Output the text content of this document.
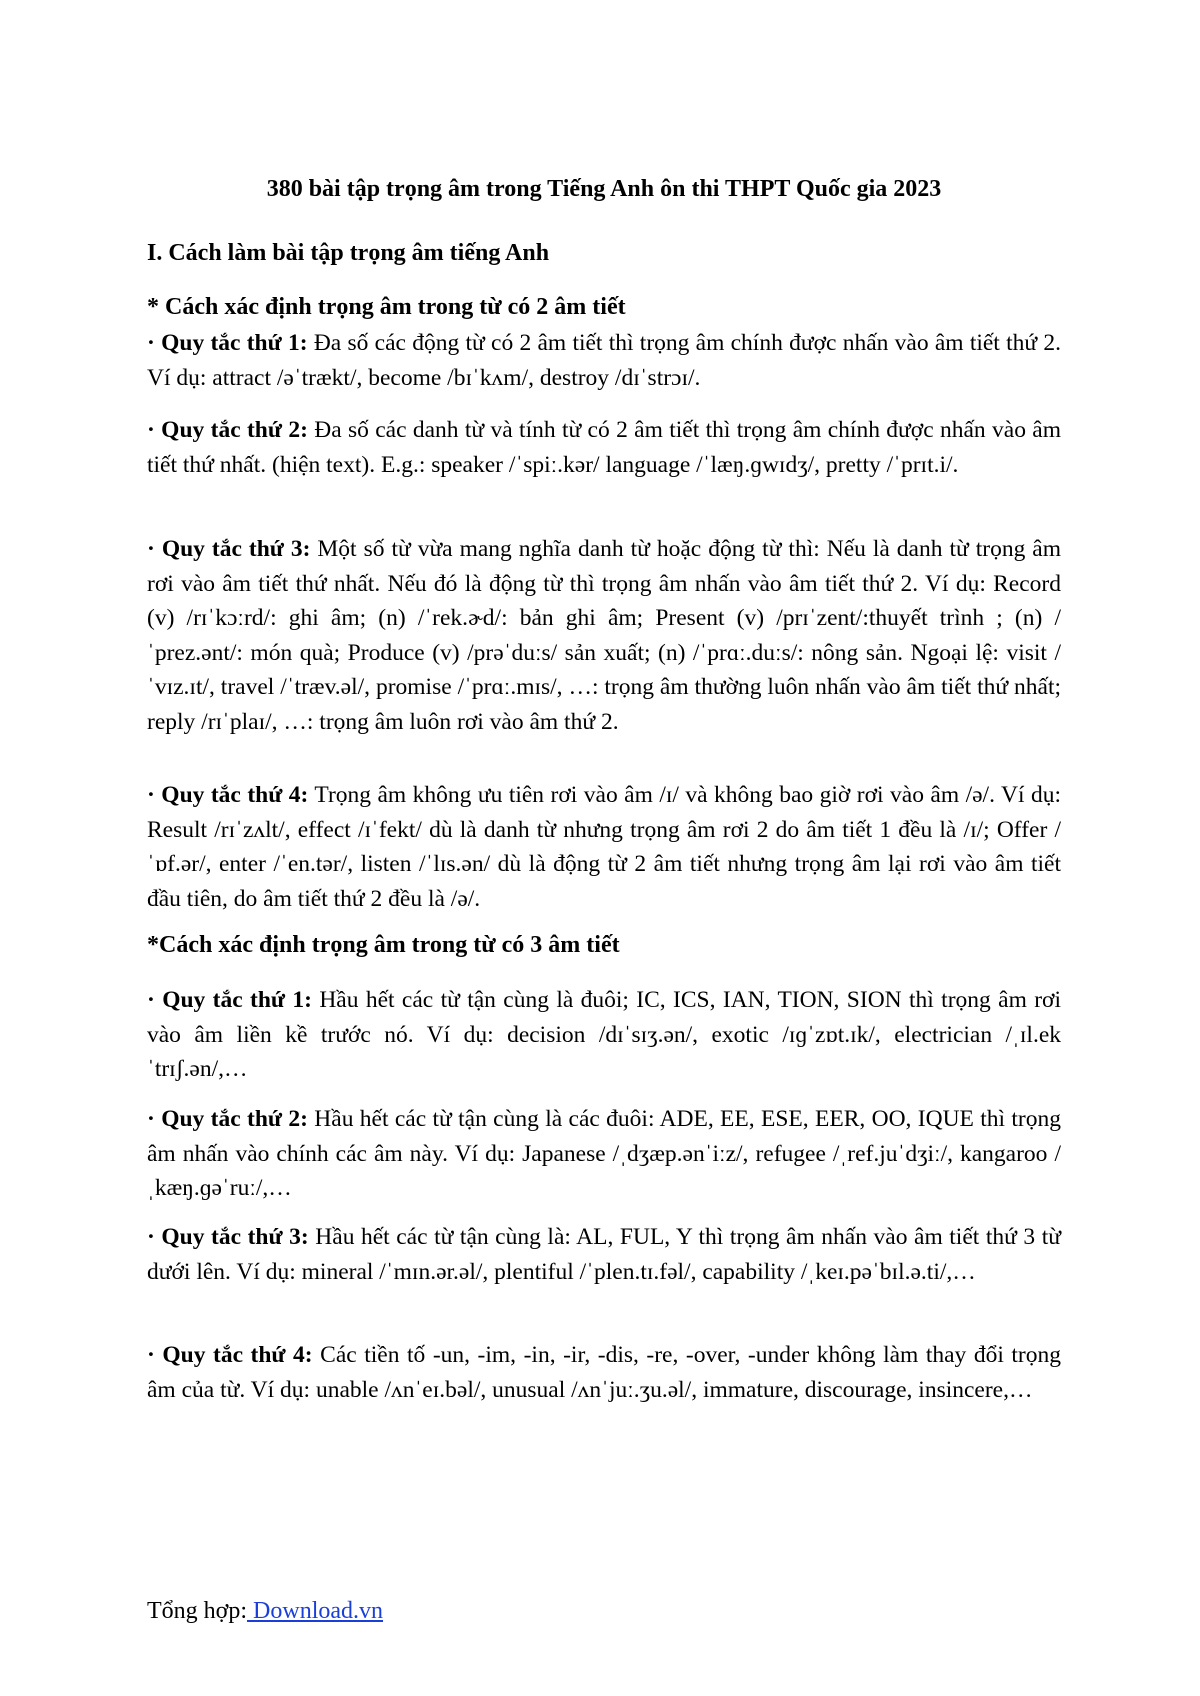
380 bài tập trọng âm trong Tiếng Anh ôn thi THPT Quốc gia 2023
I. Cách làm bài tập trọng âm tiếng Anh
* Cách xác định trọng âm trong từ có 2 âm tiết
· Quy tắc thứ 1: Đa số các động từ có 2 âm tiết thì trọng âm chính được nhấn vào âm tiết thứ 2. Ví dụ: attract /əˈtrækt/, become /bɪˈkʌm/, destroy /dɪˈstrɔɪ/.
· Quy tắc thứ 2: Đa số các danh từ và tính từ có 2 âm tiết thì trọng âm chính được nhấn vào âm tiết thứ nhất. (hiện text). E.g.: speaker /ˈspiː.kər/ language /ˈlæŋ.ɡwɪdʒ/, pretty /ˈprɪt.i/.
· Quy tắc thứ 3: Một số từ vừa mang nghĩa danh từ hoặc động từ thì: Nếu là danh từ trọng âm rơi vào âm tiết thứ nhất. Nếu đó là động từ thì trọng âm nhấn vào âm tiết thứ 2. Ví dụ: Record (v) /rɪˈkɔːrd/: ghi âm; (n) /ˈrek.ɚd/: bản ghi âm; Present (v) /prɪˈzent/:thuyết trình ; (n) /ˈprez.ənt/: món quà; Produce (v) /prəˈduːs/ sản xuất; (n) /ˈprɑː.duːs/: nông sản. Ngoại lệ: visit /ˈvɪz.ɪt/, travel /ˈtræv.əl/, promise /ˈprɑː.mɪs/, …: trọng âm thường luôn nhấn vào âm tiết thứ nhất; reply /rɪˈplaɪ/, …: trọng âm luôn rơi vào âm thứ 2.
· Quy tắc thứ 4: Trọng âm không ưu tiên rơi vào âm /ɪ/ và không bao giờ rơi vào âm /ə/. Ví dụ: Result /rɪˈzʌlt/, effect /ɪˈfekt/ dù là danh từ nhưng trọng âm rơi 2 do âm tiết 1 đều là /ɪ/; Offer /ˈɒf.ər/, enter /ˈen.tər/, listen /ˈlɪs.ən/ dù là động từ 2 âm tiết nhưng trọng âm lại rơi vào âm tiết đầu tiên, do âm tiết thứ 2 đều là /ə/.
*Cách xác định trọng âm trong từ có 3 âm tiết
· Quy tắc thứ 1: Hầu hết các từ tận cùng là đuôi; IC, ICS, IAN, TION, SION thì trọng âm rơi vào âm liền kề trước nó. Ví dụ: decision /dɪˈsɪʒ.ən/, exotic /ɪɡˈzɒt.ɪk/, electrician /ˌɪl.ekˈtrɪʃ.ən/,…
· Quy tắc thứ 2: Hầu hết các từ tận cùng là các đuôi: ADE, EE, ESE, EER, OO, IQUE thì trọng âm nhấn vào chính các âm này. Ví dụ: Japanese /ˌdʒæp.ənˈiːz/, refugee /ˌref.juˈdʒiː/, kangaroo /ˌkæŋ.ɡəˈruː/,…
· Quy tắc thứ 3: Hầu hết các từ tận cùng là: AL, FUL, Y thì trọng âm nhấn vào âm tiết thứ 3 từ dưới lên. Ví dụ: mineral /ˈmɪn.ər.əl/, plentiful /ˈplen.tɪ.fəl/, capability /ˌkeɪ.pəˈbɪl.ə.ti/,…
· Quy tắc thứ 4: Các tiền tố -un, -im, -in, -ir, -dis, -re, -over, -under không làm thay đổi trọng âm của từ. Ví dụ: unable /ʌnˈeɪ.bəl/, unusual /ʌnˈjuː.ʒu.əl/, immature, discourage, insincere,…
Tổng hợp: Download.vn
